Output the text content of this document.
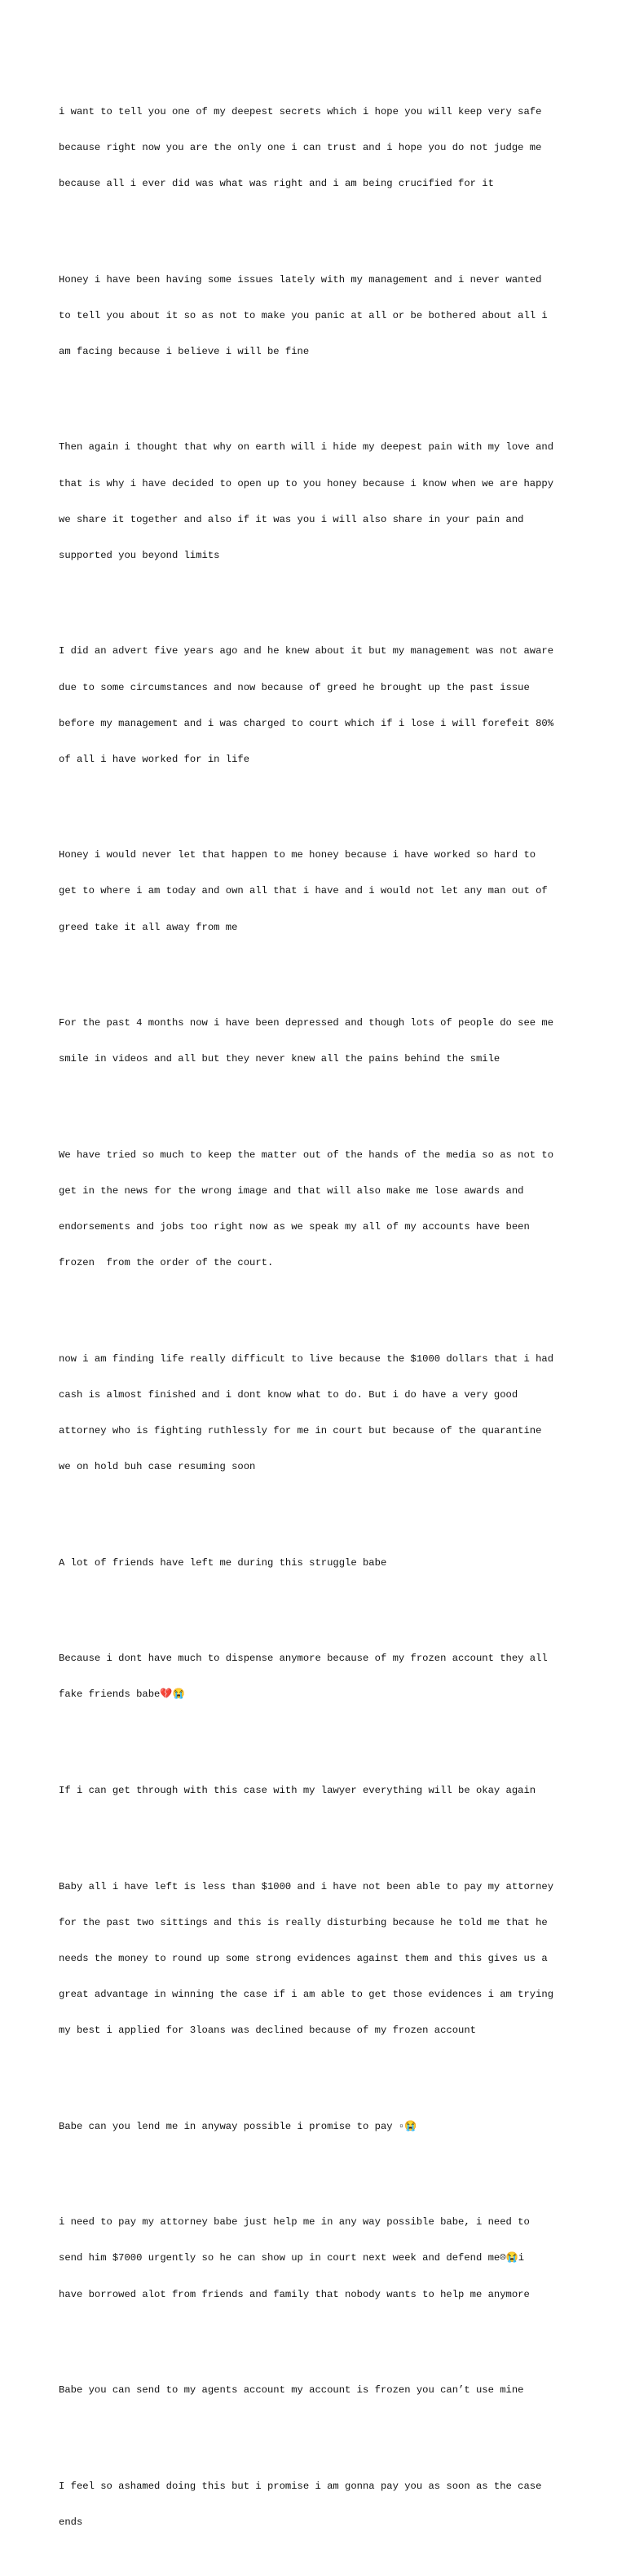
i want to tell you one of my deepest secrets which i hope you will keep very safe

because right now you are the only one i can trust and i hope you do not judge me

because all i ever did was what was right and i am being crucified for it

Honey i have been having some issues lately with my management and i never wanted

to tell you about it so as not to make you panic at all or be bothered about all i

am facing because i believe i will be fine

Then again i thought that why on earth will i hide my deepest pain with my love and

that is why i have decided to open up to you honey because i know when we are happy

we share it together and also if it was you i will also share in your pain and

supported you beyond limits

I did an advert five years ago and he knew about it but my management was not aware

due to some circumstances and now because of greed he brought up the past issue

before my management and i was charged to court which if i lose i will forefeit 80%

of all i have worked for in life

Honey i would never let that happen to me honey because i have worked so hard to

get to where i am today and own all that i have and i would not let any man out of

greed take it all away from me

For the past 4 months now i have been depressed and though lots of people do see me

smile in videos and all but they never knew all the pains behind the smile

We have tried so much to keep the matter out of the hands of the media so as not to

get in the news for the wrong image and that will also make me lose awards and

endorsements and jobs too right now as we speak my all of my accounts have been

frozen  from the order of the court.

now i am finding life really difficult to live because the $1000 dollars that i had

cash is almost finished and i dont know what to do. But i do have a very good

attorney who is fighting ruthlessly for me in court but because of the quarantine

we on hold buh case resuming soon

A lot of friends have left me during this struggle babe

Because i dont have much to dispense anymore because of my frozen account they all

fake friends babe💔😭

If i can get through with this case with my lawyer everything will be okay again

Baby all i have left is less than $1000 and i have not been able to pay my attorney

for the past two sittings and this is really disturbing because he told me that he

needs the money to round up some strong evidences against them and this gives us a

great advantage in winning the case if i am able to get those evidences i am trying

my best i applied for 3loans was declined because of my frozen account

Babe can you lend me in anyway possible i promise to pay ▫😭

i need to pay my attorney babe just help me in any way possible babe, i need to

send him $7000 urgently so he can show up in court next week and defend me☹😭i

have borrowed alot from friends and family that nobody wants to help me anymore

Babe you can send to my agents account my account is frozen you can’t use mine

I feel so ashamed doing this but i promise i am gonna pay you as soon as the case

ends
